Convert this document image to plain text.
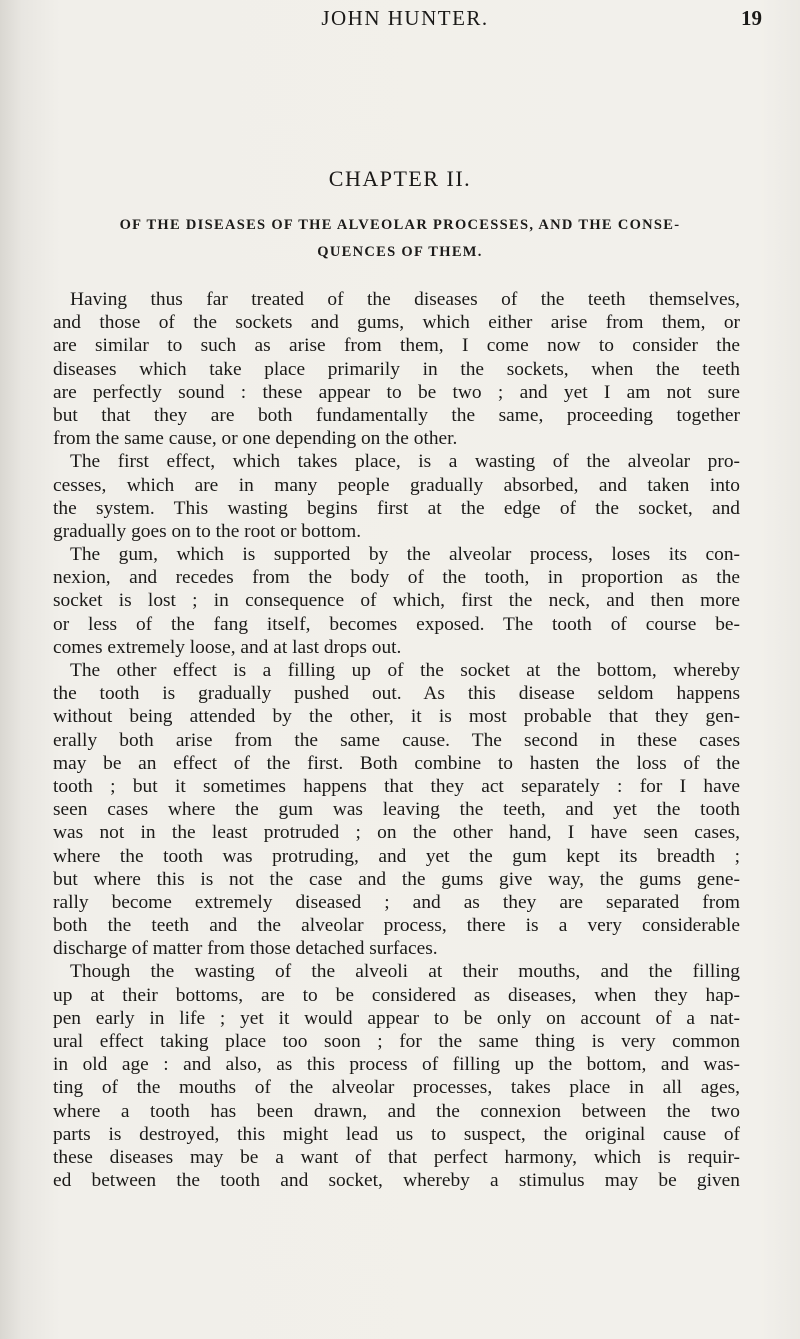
JOHN HUNTER.	19
CHAPTER II.
OF THE DISEASES OF THE ALVEOLAR PROCESSES, AND THE CONSE-
QUENCES OF THEM.
Having thus far treated of the diseases of the teeth themselves,
and those of the sockets and gums, which either arise from them, or
are similar to such as arise from them, I come now to consider the
diseases which take place primarily in the sockets, when the teeth
are perfectly sound : these appear to be two ; and yet I am not sure
but that they are both fundamentally the same, proceeding together
from the same cause, or one depending on the other.
The first effect, which takes place, is a wasting of the alveolar pro-
cesses, which are in many people gradually absorbed, and taken into
the system. This wasting begins first at the edge of the socket, and
gradually goes on to the root or bottom.
The gum, which is supported by the alveolar process, loses its con-
nexion, and recedes from the body of the tooth, in proportion as the
socket is lost ; in consequence of which, first the neck, and then more
or less of the fang itself, becomes exposed. The tooth of course be-
comes extremely loose, and at last drops out.
The other effect is a filling up of the socket at the bottom, whereby
the tooth is gradually pushed out. As this disease seldom happens
without being attended by the other, it is most probable that they gen-
erally both arise from the same cause. The second in these cases
may be an effect of the first. Both combine to hasten the loss of the
tooth ; but it sometimes happens that they act separately : for I have
seen cases where the gum was leaving the teeth, and yet the tooth
was not in the least protruded ; on the other hand, I have seen cases,
where the tooth was protruding, and yet the gum kept its breadth ;
but where this is not the case and the gums give way, the gums gene-
rally become extremely diseased ; and as they are separated from
both the teeth and the alveolar process, there is a very considerable
discharge of matter from those detached surfaces.
Though the wasting of the alveoli at their mouths, and the filling
up at their bottoms, are to be considered as diseases, when they hap-
pen early in life ; yet it would appear to be only on account of a nat-
ural effect taking place too soon ; for the same thing is very common
in old age : and also, as this process of filling up the bottom, and was-
ting of the mouths of the alveolar processes, takes place in all ages,
where a tooth has been drawn, and the connexion between the two
parts is destroyed, this might lead us to suspect, the original cause of
these diseases may be a want of that perfect harmony, which is requir-
ed between the tooth and socket, whereby a stimulus may be given
